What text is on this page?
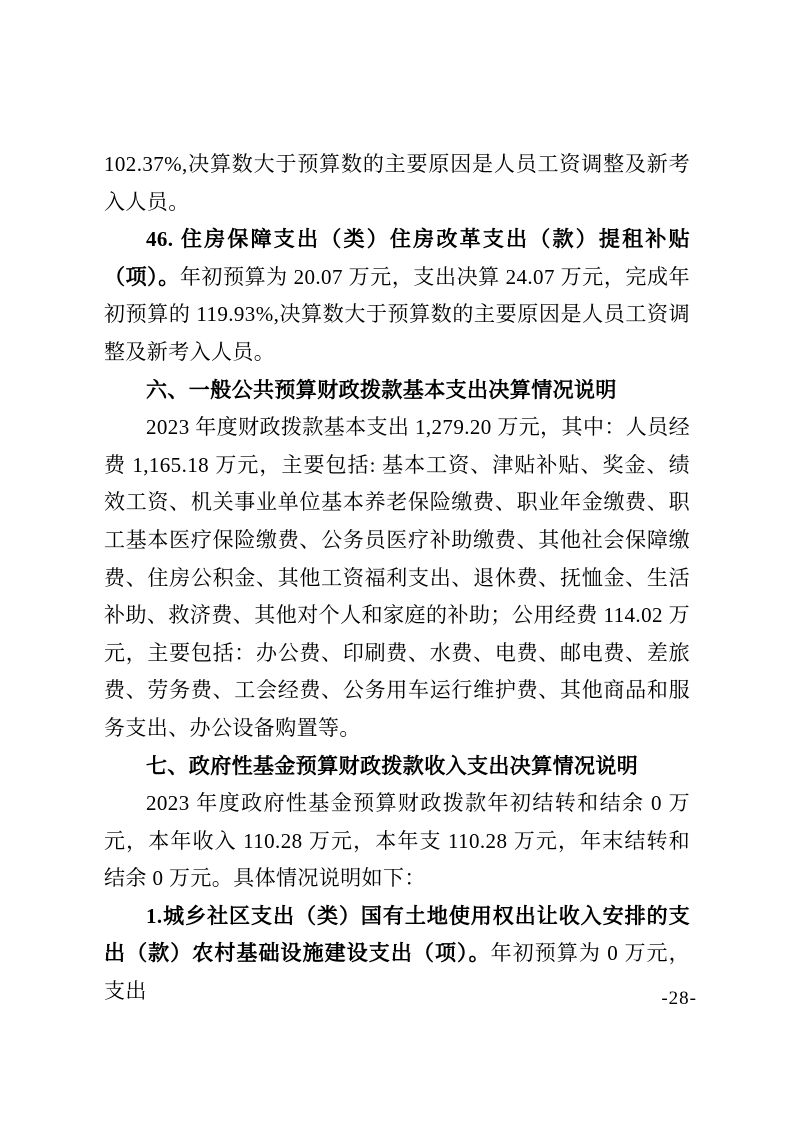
102.37%,决算数大于预算数的主要原因是人员工资调整及新考入人员。

46. 住房保障支出（类）住房改革支出（款）提租补贴（项）。年初预算为 20.07 万元，支出决算 24.07 万元，完成年初预算的 119.93%,决算数大于预算数的主要原因是人员工资调整及新考入人员。

六、一般公共预算财政拨款基本支出决算情况说明

2023 年度财政拨款基本支出 1,279.20 万元，其中：人员经费 1,165.18 万元，主要包括: 基本工资、津贴补贴、奖金、绩效工资、机关事业单位基本养老保险缴费、职业年金缴费、职工基本医疗保险缴费、公务员医疗补助缴费、其他社会保障缴费、住房公积金、其他工资福利支出、退休费、抚恤金、生活补助、救济费、其他对个人和家庭的补助；公用经费 114.02 万元，主要包括：办公费、印刷费、水费、电费、邮电费、差旅费、劳务费、工会经费、公务用车运行维护费、其他商品和服务支出、办公设备购置等。

七、政府性基金预算财政拨款收入支出决算情况说明

2023 年度政府性基金预算财政拨款年初结转和结余 0 万元，本年收入 110.28 万元，本年支 110.28 万元，年末结转和结余 0 万元。具体情况说明如下：

1.城乡社区支出（类）国有土地使用权出让收入安排的支出（款）农村基础设施建设支出（项）。年初预算为 0 万元，支出	-28-
